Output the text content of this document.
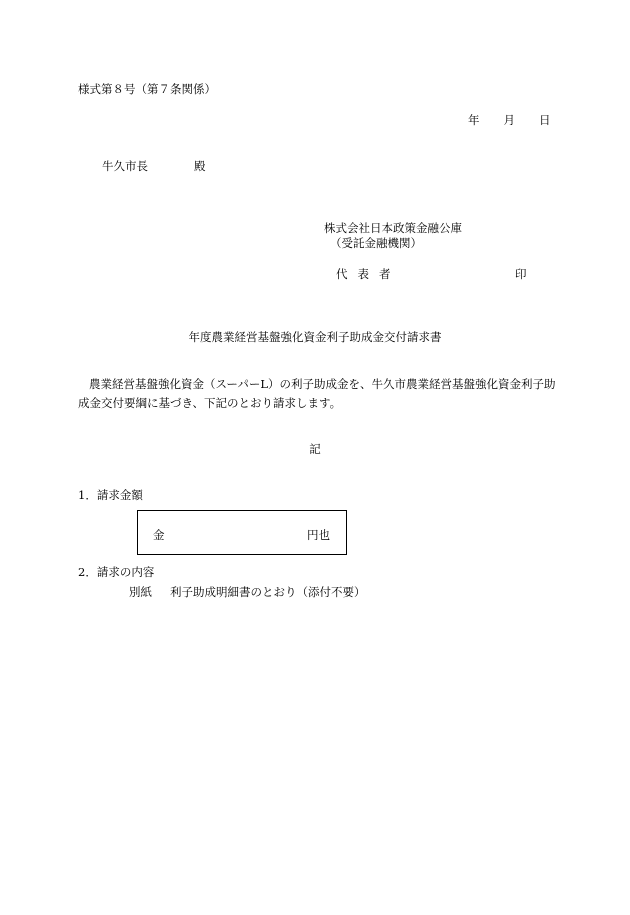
様式第８号（第７条関係）
年 月 日
牛久市長	殿
株式会社日本政策金融公庫
（受託金融機関）
代 表 者	印
年度農業経営基盤強化資金利子助成金交付請求書
農業経営基盤強化資金（スーパーL）の利子助成金を、牛久市農業経営基盤強化資金利子助成金交付要綱に基づき、下記のとおり請求します。
記
1．請求金額
金	円也
2．請求の内容
別紙 利子助成明細書のとおり（添付不要）
